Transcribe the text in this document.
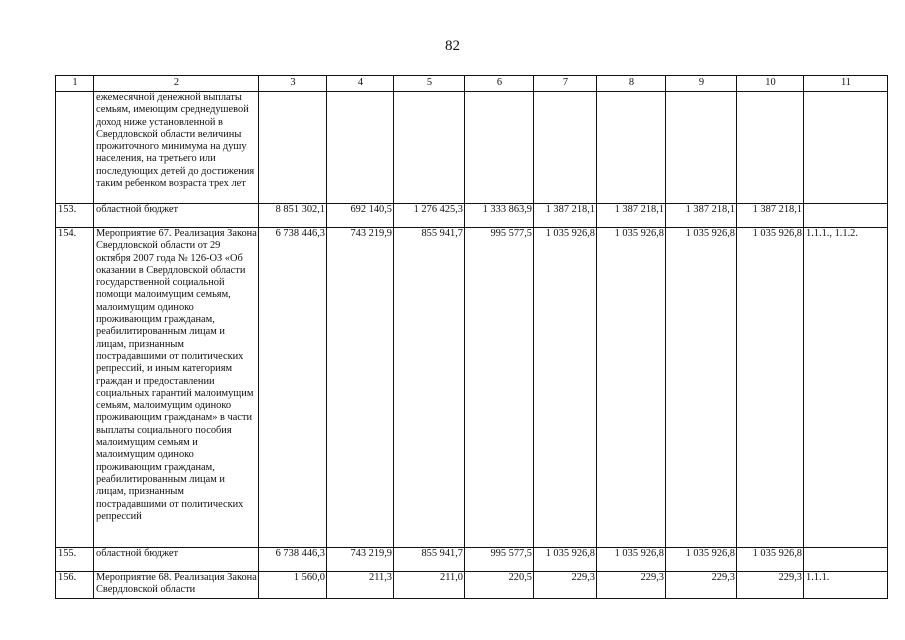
82
1	2	3	4	5	6	7	8	9	10	11
	ежемесячной денежной выплаты семьям, имеющим среднедушевой доход ниже установленной в Свердловской области величины прожиточного минимума на душу населения, на третьего или последующих детей до достижения таким ребенком возраста трех лет									
153.	областной бюджет	8 851 302,1	692 140,5	1 276 425,3	1 333 863,9	1 387 218,1	1 387 218,1	1 387 218,1	1 387 218,1	
154.	Мероприятие 67. Реализация Закона Свердловской области от 29 октября 2007 года № 126-ОЗ «Об оказании в Свердловской области государственной социальной помощи малоимущим семьям, малоимущим одиноко проживающим гражданам, реабилитированным лицам и лицам, признанным пострадавшими от политических репрессий, и иным категориям граждан и предоставлении социальных гарантий малоимущим семьям, малоимущим одиноко проживающим гражданам» в части выплаты социального пособия малоимущим семьям и малоимущим одиноко проживающим гражданам, реабилитированным лицам и лицам, признанным пострадавшими от политических репрессий	6 738 446,3	743 219,9	855 941,7	995 577,5	1 035 926,8	1 035 926,8	1 035 926,8	1 035 926,8	1.1.1., 1.1.2.
155.	областной бюджет	6 738 446,3	743 219,9	855 941,7	995 577,5	1 035 926,8	1 035 926,8	1 035 926,8	1 035 926,8	
156.	Мероприятие 68. Реализация Закона Свердловской области	1 560,0	211,3	211,0	220,5	229,3	229,3	229,3	229,3	1.1.1.
